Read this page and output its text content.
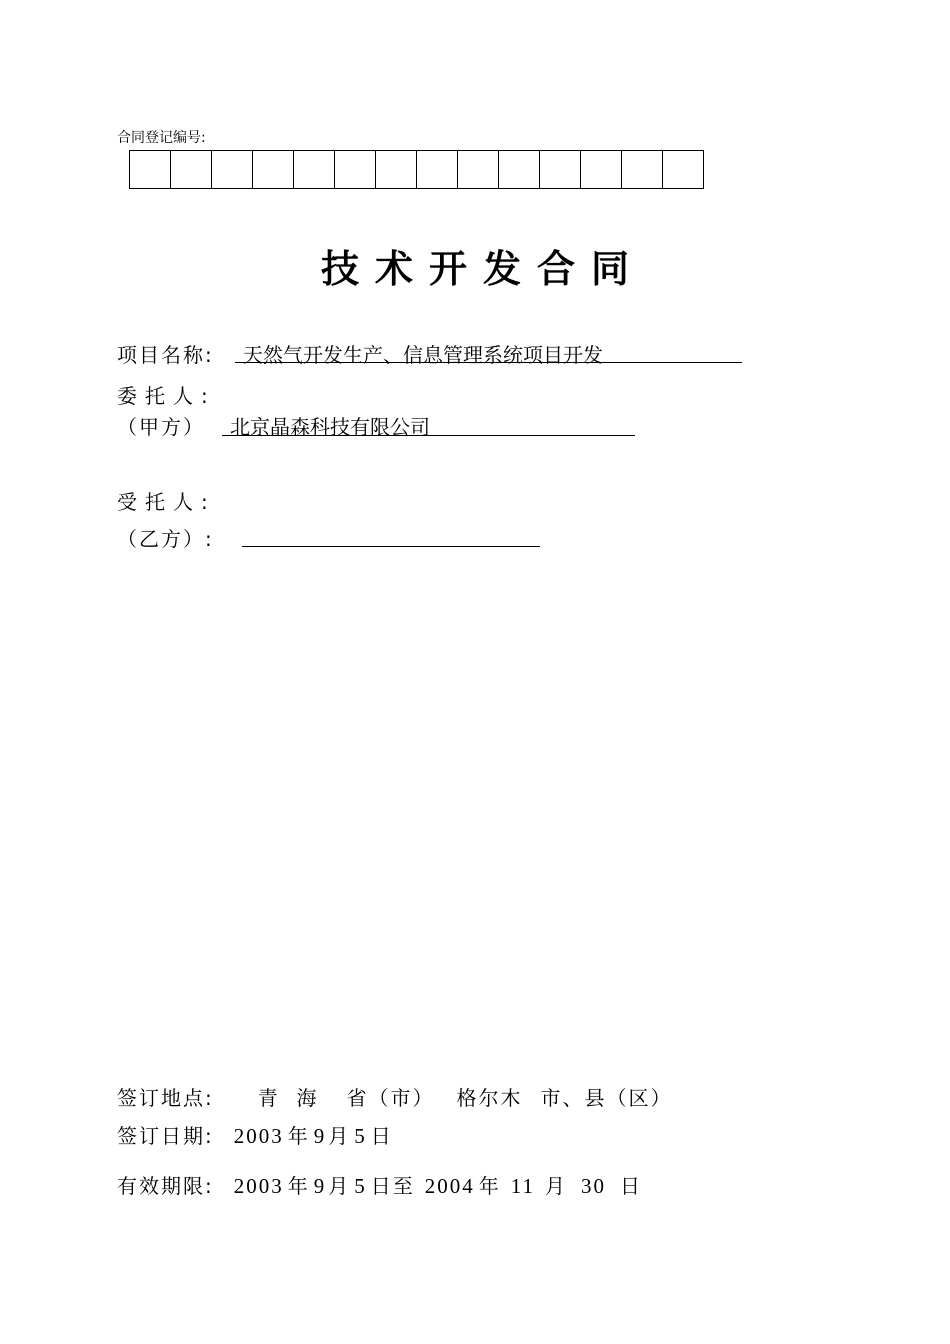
合同登记编号:
技术开发合同
项目名称: 天然气开发生产、信息管理系统项目开发
委托人:
（甲方） 北京晶森科技有限公司
受托人:
（乙方）:
签订地点: 青  海 省（市） 格尔木 市、县（区）
签订日期: 2003 年 9 月 5 日
有效期限: 2003 年 9 月 5 日至 2004 年 11 月 30 日
